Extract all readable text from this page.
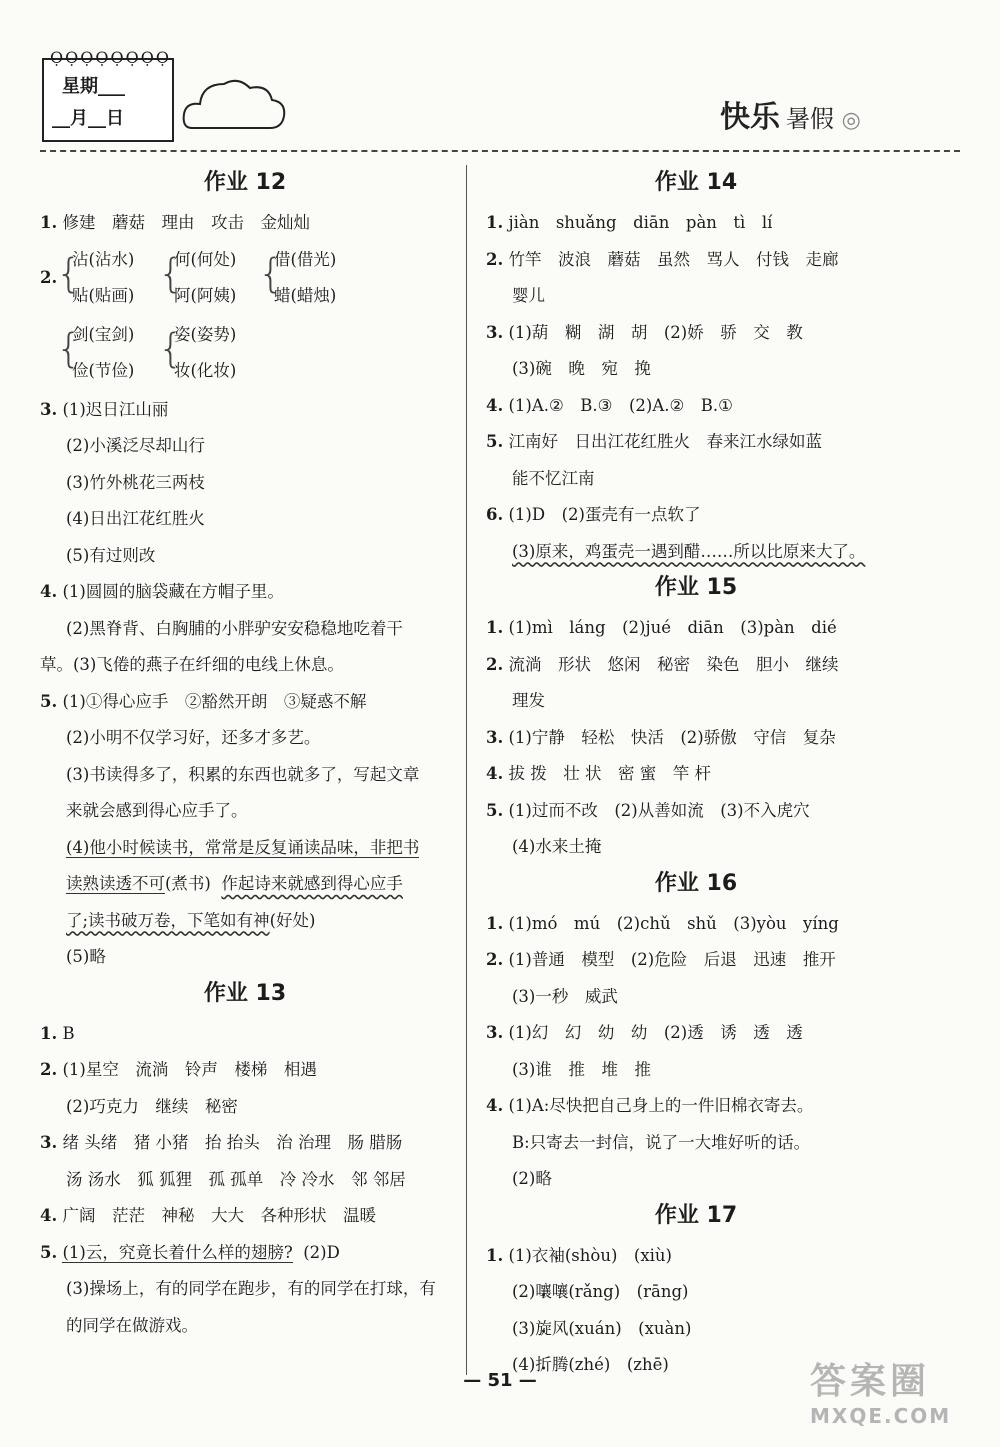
ỌỌỌỌỌỌỌỌ
星期___
__月__日	快乐 暑假 ◎
作业 12
1. 修建　蘑菇　理由　攻击　金灿灿
2.
{
沾(沾水)
贴(贴画) {
何(何处)
阿(阿姨) {
借(借光)
蜡(蜡烛)
{
剑(宝剑)
俭(节俭) {
姿(姿势)
妆(化妆)
3. (1)迟日江山丽
(2)小溪泛尽却山行
(3)竹外桃花三两枝
(4)日出江花红胜火
(5)有过则改
4. (1)圆圆的脑袋藏在方帽子里。
(2)黑脊背、白胸脯的小胖驴安安稳稳地吃着干
草。(3)飞倦的燕子在纤细的电线上休息。
5. (1)①得心应手　②豁然开朗　③疑惑不解
(2)小明不仅学习好，还多才多艺。
(3)书读得多了，积累的东西也就多了，写起文章
来就会感到得心应手了。
(4)他小时候读书，常常是反复诵读品味，非把书
读熟读透不可(煮书) 作起诗来就感到得心应手
了;读书破万卷，下笔如有神(好处)
(5)略
作业 13
1. B
2. (1)星空　流淌　铃声　楼梯　相遇
(2)巧克力　继续　秘密
3. 绪 头绪　猪 小猪　抬 抬头　治 治理　肠 腊肠
汤 汤水　狐 狐狸　孤 孤单　冷 冷水　邻 邻居
4. 广阔　茫茫　神秘　大大　各种形状　温暖
5. (1)云，究竟长着什么样的翅膀? (2)D
(3)操场上，有的同学在跑步，有的同学在打球，有
的同学在做游戏。
作业 14
1. jiàn　shuǎng　diān　pàn　tì　lí
2. 竹竿　波浪　蘑菇　虽然　骂人　付钱　走廊
婴儿
3. (1)葫　糊　湖　胡　(2)娇　骄　交　教
(3)碗　晚　宛　挽
4. (1)A.②　B.③　(2)A.②　B.①
5. 江南好　日出江花红胜火　春来江水绿如蓝
能不忆江南
6. (1)D　(2)蛋壳有一点软了
(3)原来，鸡蛋壳一遇到醋……所以比原来大了。
作业 15
1. (1)mì　láng　(2)jué　diān　(3)pàn　dié
2. 流淌　形状　悠闲　秘密　染色　胆小　继续
理发
3. (1)宁静　轻松　快活　(2)骄傲　守信　复杂
4. 拔 拨　壮 状　密 蜜　竿 杆
5. (1)过而不改　(2)从善如流　(3)不入虎穴
(4)水来土掩
作业 16
1. (1)mó　mú　(2)chǔ　shǔ　(3)yòu　yíng
2. (1)普通　模型　(2)危险　后退　迅速　推开
(3)一秒　威武
3. (1)幻　幻　幼　幼　(2)透　诱　透　透
(3)谁　推　堆　推
4. (1)A:尽快把自己身上的一件旧棉衣寄去。
B:只寄去一封信，说了一大堆好听的话。
(2)略
作业 17
1. (1)衣袖(shòu)　(xiù)
(2)嚷嚷(rǎng)　(rāng)
(3)旋风(xuán)　(xuàn)
(4)折腾(zhé)　(zhē)
— 51 —	答案圈
MXQE.COM
